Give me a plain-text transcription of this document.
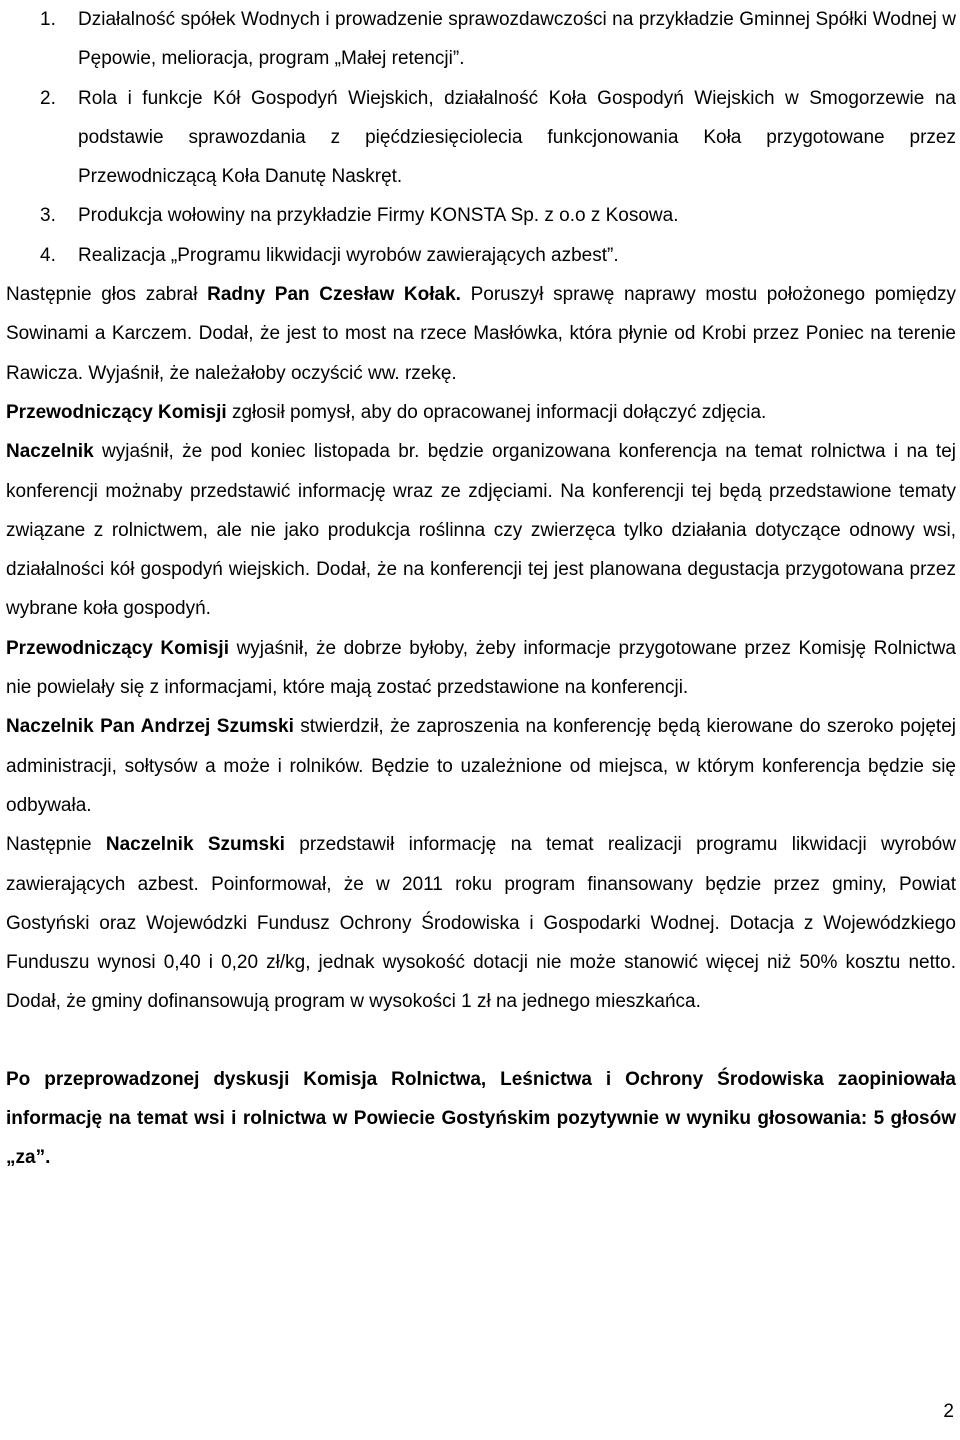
1. Działalność spółek Wodnych i prowadzenie sprawozdawczości na przykładzie Gminnej Spółki Wodnej w Pępowie, melioracja, program „Małej retencji”.
2. Rola i funkcje Kół Gospodyń Wiejskich, działalność Koła Gospodyń Wiejskich w Smogorzewie na podstawie sprawozdania z pięćdziesięciolecia funkcjonowania Koła przygotowane przez Przewodniczącą Koła Danutę Naskręt.
3. Produkcja wołowiny na przykładzie Firmy KONSTA Sp. z o.o z Kosowa.
4. Realizacja „Programu likwidacji wyrobów zawierających azbest”.

Następnie głos zabrał Radny Pan Czesław Kołak. Poruszył sprawę naprawy mostu położonego pomiędzy Sowinami a Karczem. Dodał, że jest to most na rzece Masłówka, która płynie od Krobi przez Poniec na terenie Rawicza. Wyjaśnił, że należałoby oczyścić ww. rzekę.

Przewodniczący Komisji zgłosił pomysł, aby do opracowanej informacji dołączyć zdjęcia.

Naczelnik wyjaśnił, że pod koniec listopada br. będzie organizowana konferencja na temat rolnictwa i na tej konferencji możnaby przedstawić informację wraz ze zdjęciami. Na konferencji tej będą przedstawione tematy związane z rolnictwem, ale nie jako produkcja roślinna czy zwierzęca tylko działania dotyczące odnowy wsi, działalności kół gospodyń wiejskich. Dodał, że na konferencji tej jest planowana degustacja przygotowana przez wybrane koła gospodyń.

Przewodniczący Komisji wyjaśnił, że dobrze byłoby, żeby informacje przygotowane przez Komisję Rolnictwa nie powielały się z informacjami, które mają zostać przedstawione na konferencji.

Naczelnik Pan Andrzej Szumski stwierdził, że zaproszenia na konferencję będą kierowane do szeroko pojętej administracji, sołtysów a może i rolników. Będzie to uzależnione od miejsca, w którym konferencja będzie się odbywała.

Następnie Naczelnik Szumski przedstawił informację na temat realizacji programu likwidacji wyrobów zawierających azbest. Poinformował, że w 2011 roku program finansowany będzie przez gminy, Powiat Gostyński oraz Wojewódzki Fundusz Ochrony Środowiska i Gospodarki Wodnej. Dotacja z Wojewódzkiego Funduszu wynosi 0,40 i 0,20 zł/kg, jednak wysokość dotacji nie może stanowić więcej niż 50% kosztu netto. Dodał, że gminy dofinansowują program w wysokości 1 zł na jednego mieszkańca.

Po przeprowadzonej dyskusji Komisja Rolnictwa, Leśnictwa i Ochrony Środowiska zaopiniowała informację na temat wsi i rolnictwa w Powiecie Gostyńskim pozytywnie w wyniku głosowania: 5 głosów „za”.

2
